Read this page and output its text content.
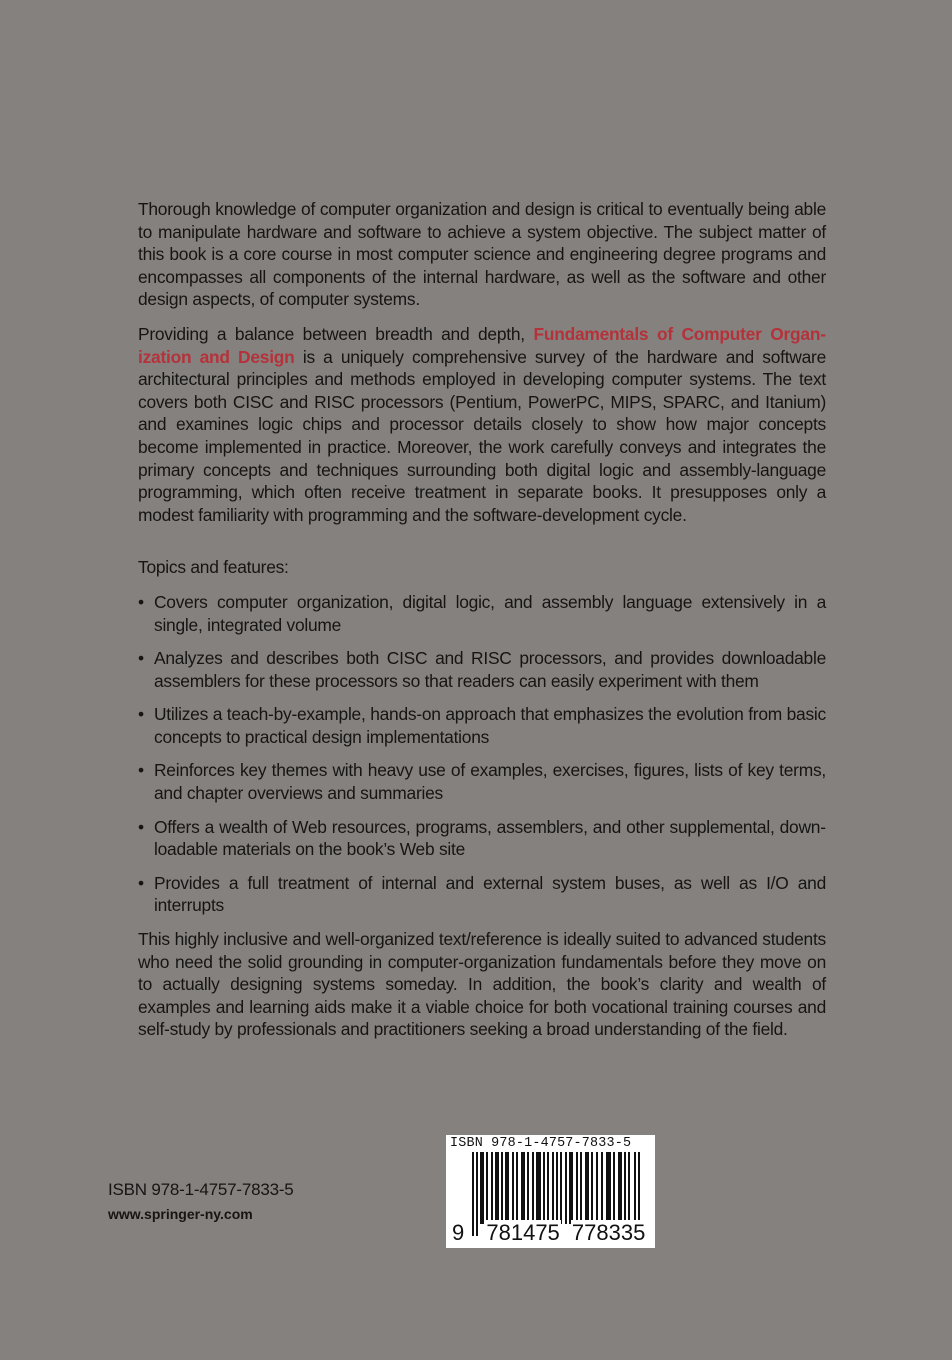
Thorough knowledge of computer organization and design is critical to eventually being able to manipulate hardware and software to achieve a system objective. The subject matter of this book is a core course in most computer science and engineering degree programs and encompasses all components of the internal hardware, as well as the software and other design aspects, of computer systems.

Providing a balance between breadth and depth, Fundamentals of Computer Organization and Design is a uniquely comprehensive survey of the hardware and software architectural principles and methods employed in developing computer systems. The text covers both CISC and RISC processors (Pentium, PowerPC, MIPS, SPARC, and Itanium) and examines logic chips and processor details closely to show how major concepts become implemented in practice. Moreover, the work carefully conveys and integrates the primary concepts and techniques surrounding both digital logic and assembly-language programming, which often receive treatment in separate books. It presupposes only a modest familiarity with programming and the software-development cycle.

Topics and features:

• Covers computer organization, digital logic, and assembly language extensively in a single, integrated volume
• Analyzes and describes both CISC and RISC processors, and provides downloadable assemblers for these processors so that readers can easily experiment with them
• Utilizes a teach-by-example, hands-on approach that emphasizes the evolution from basic concepts to practical design implementations
• Reinforces key themes with heavy use of examples, exercises, figures, lists of key terms, and chapter overviews and summaries
• Offers a wealth of Web resources, programs, assemblers, and other supplemental, downloadable materials on the book’s Web site
• Provides a full treatment of internal and external system buses, as well as I/O and interrupts

This highly inclusive and well-organized text/reference is ideally suited to advanced students who need the solid grounding in computer-organization fundamentals before they move on to actually designing systems someday. In addition, the book’s clarity and wealth of examples and learning aids make it a viable choice for both vocational training courses and self-study by professionals and practitioners seeking a broad understanding of the field.

ISBN 978-1-4757-7833-5
www.springer-ny.com
ISBN 978-1-4757-7833-5
9 781475 778335
